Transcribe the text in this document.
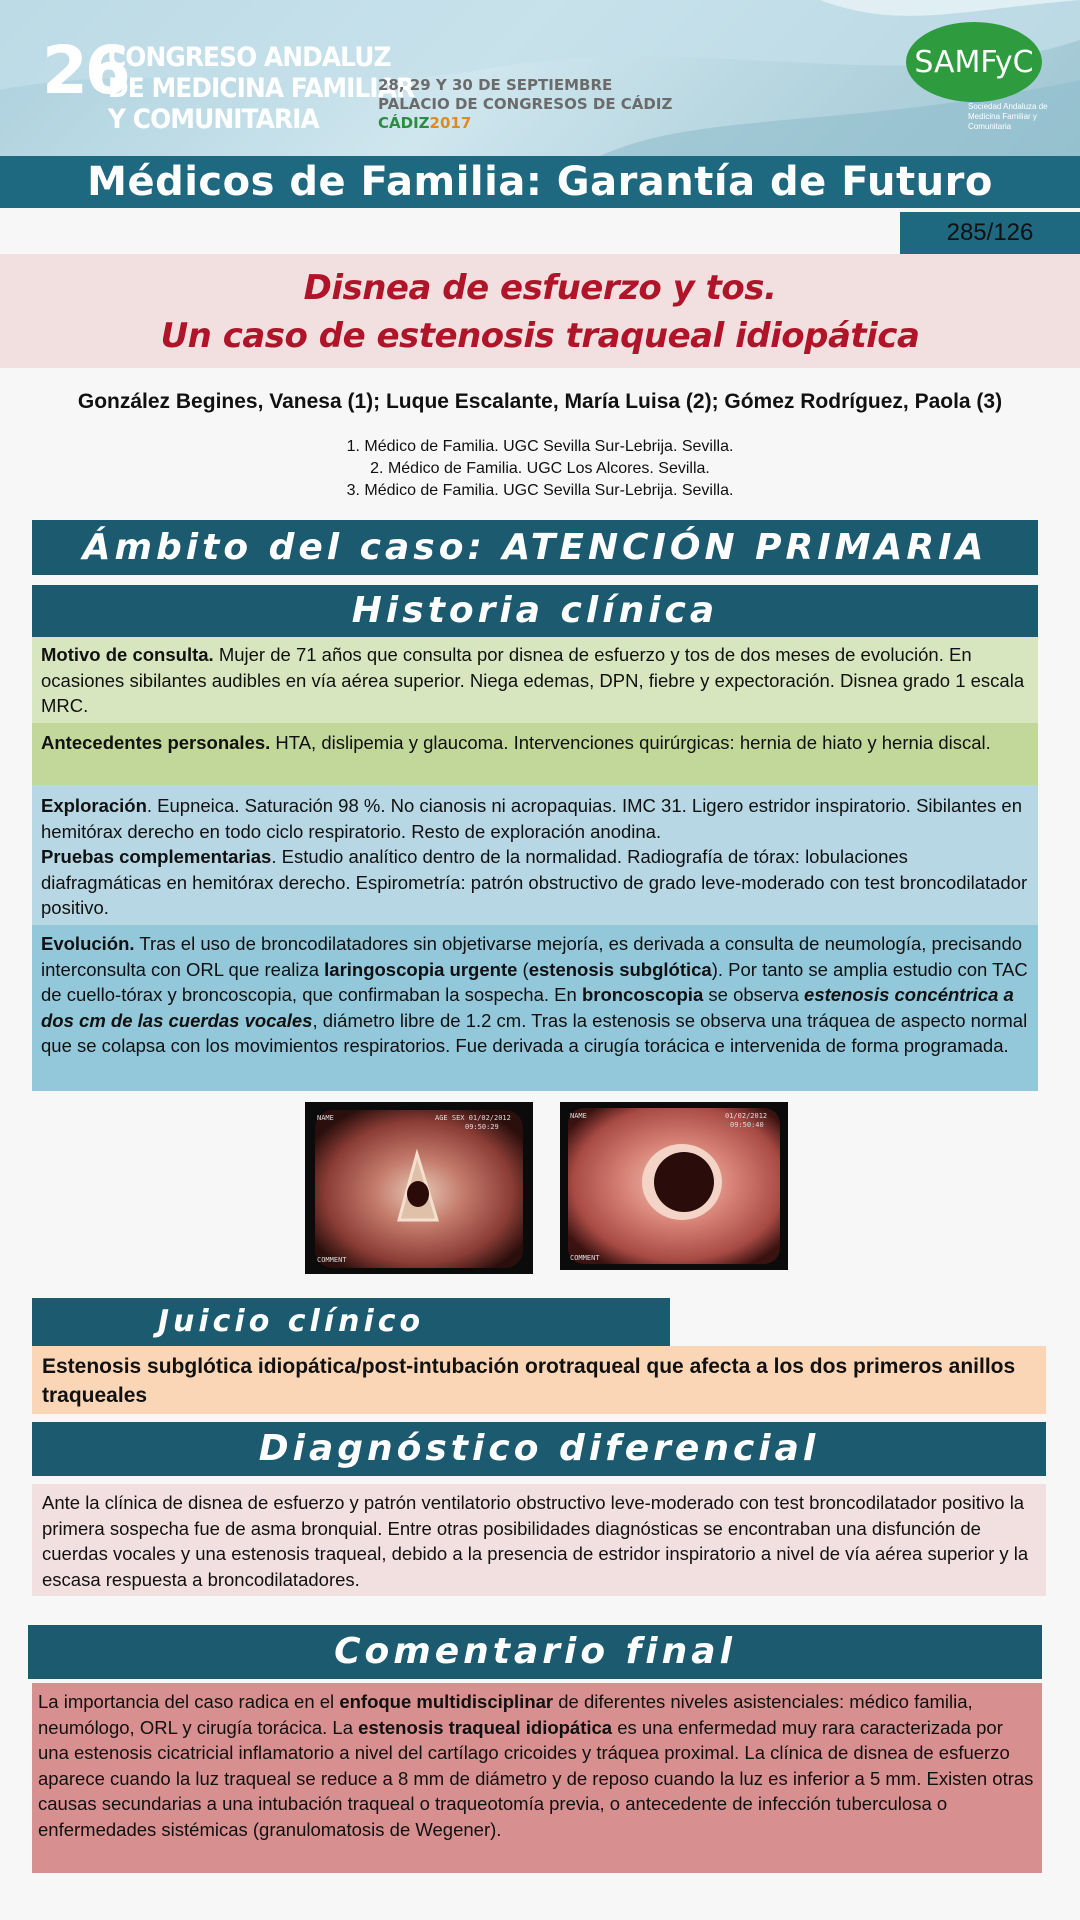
26
CONGRESO ANDALUZ
DE MEDICINA FAMILIAR
Y COMUNITARIA
28, 29 Y 30 DE SEPTIEMBRE
PALACIO DE CONGRESOS DE CÁDIZ
CÁDIZ2017
SAMFyC
Sociedad Andaluza de Medicina Familiar y Comunitaria
Médicos de Familia: Garantía de Futuro
285/126
Disnea de esfuerzo y tos.
Un caso de estenosis traqueal idiopática
González Begines, Vanesa (1); Luque Escalante, María Luisa (2); Gómez Rodríguez, Paola (3)
1. Médico de Familia. UGC Sevilla Sur-Lebrija. Sevilla.
2. Médico de Familia. UGC Los Alcores. Sevilla.
3. Médico de Familia. UGC Sevilla Sur-Lebrija. Sevilla.
Ámbito del caso: ATENCIÓN PRIMARIA
Historia clínica
Motivo de consulta. Mujer de 71 años que consulta por disnea de esfuerzo y tos de dos meses de evolución. En ocasiones sibilantes audibles en vía aérea superior. Niega edemas, DPN, fiebre y expectoración. Disnea grado 1 escala MRC.
Antecedentes personales. HTA, dislipemia y glaucoma. Intervenciones quirúrgicas: hernia de hiato y hernia discal.
Exploración. Eupneica. Saturación 98 %. No cianosis ni acropaquias. IMC 31. Ligero estridor inspiratorio. Sibilantes en hemitórax derecho en todo ciclo respiratorio. Resto de exploración anodina.
Pruebas complementarias. Estudio analítico dentro de la normalidad. Radiografía de tórax: lobulaciones diafragmáticas en hemitórax derecho. Espirometría: patrón obstructivo de grado leve-moderado con test broncodilatador positivo.
Evolución. Tras el uso de broncodilatadores sin objetivarse mejoría, es derivada a consulta de neumología, precisando interconsulta con ORL que realiza laringoscopia urgente (estenosis subglótica). Por tanto se amplia estudio con TAC de cuello-tórax y broncoscopia, que confirmaban la sospecha. En broncoscopia se observa estenosis concéntrica a dos cm de las cuerdas vocales, diámetro libre de 1.2 cm. Tras la estenosis se observa una tráquea de aspecto normal que se colapsa con los movimientos respiratorios. Fue derivada a cirugía torácica e intervenida de forma programada.
NAME	AGE SEX 01/02/2012
09:50:29
COMMENT
NAME	01/02/2012
09:50:40
COMMENT
Juicio clínico
Estenosis subglótica idiopática/post-intubación orotraqueal que afecta a los dos primeros anillos traqueales
Diagnóstico diferencial
Ante la clínica de disnea de esfuerzo y patrón ventilatorio obstructivo leve-moderado con test broncodilatador positivo la primera sospecha fue de asma bronquial. Entre otras posibilidades diagnósticas se encontraban una disfunción de cuerdas vocales y una estenosis traqueal, debido a la presencia de estridor inspiratorio a nivel de vía aérea superior y la escasa respuesta a broncodilatadores.
Comentario final
La importancia del caso radica en el enfoque multidisciplinar de diferentes niveles asistenciales: médico familia, neumólogo, ORL y cirugía torácica. La estenosis traqueal idiopática es una enfermedad muy rara caracterizada por una estenosis cicatricial inflamatorio a nivel del cartílago cricoides y tráquea proximal. La clínica de disnea de esfuerzo aparece cuando la luz traqueal se reduce a 8 mm de diámetro y de reposo cuando la luz es inferior a 5 mm. Existen otras causas secundarias a una intubación traqueal o traqueotomía previa, o antecedente de infección tuberculosa o enfermedades sistémicas (granulomatosis de Wegener).
